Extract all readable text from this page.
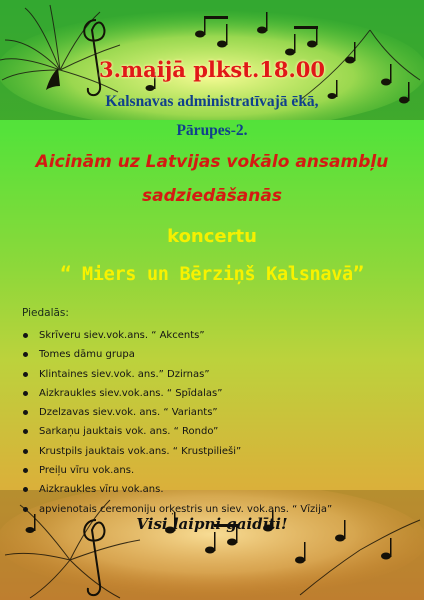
3.maijā plkst.18.00

Kalsnavas administratīvajā ēkā,

Pārupes-2.

Aicinām uz Latvijas vokālo ansambļu

sadziedāšanās

koncertu

“ Miers un Bērziņš Kalsnavā”

Piedalās:

Skrīveru siev.vok.ans. “ Akcents”
Tomes dāmu grupa
Klintaines siev.vok. ans.” Dzirnas”
Aizkraukles siev.vok.ans. “ Spīdalas”
Dzelzavas siev.vok. ans. “ Variants”
Sarkaņu jauktais vok. ans. “ Rondo”
Krustpils jauktais vok.ans. “ Krustpilieši”
Preiļu vīru vok.ans.
Aizkraukles vīru vok.ans.
apvienotais ceremoniju orķestris un siev. vok.ans. “ Vīzija”

Visi laipni gaidīti!
